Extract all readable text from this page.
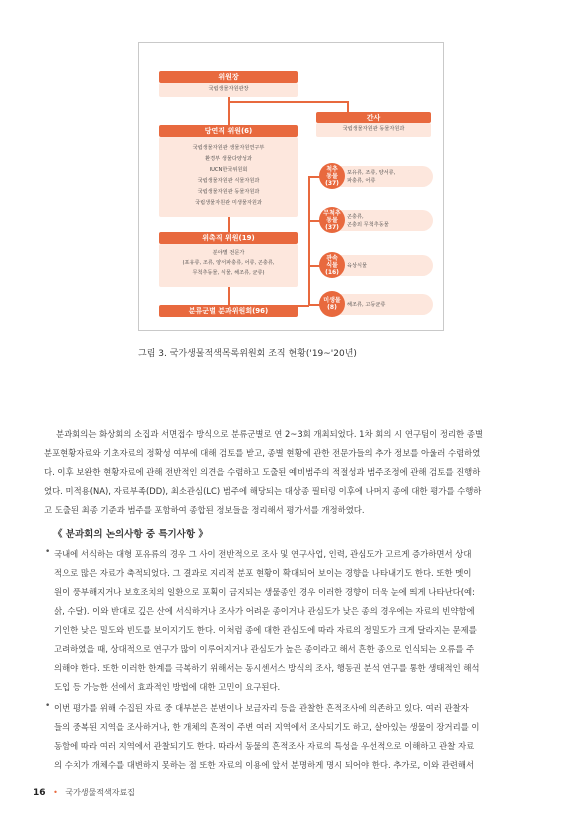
위원장
국립생물자원관장
간사
국립생물자원관 동물자원과
당연직 위원(6)
국립생물자원관 생물자원연구부
환경부 생물다양성과
IUCN한국위원회
국립생물자원관 식물자원과
국립생물자원관 동물자원과
국립생물자원관 미생물자원과
위촉직 위원(19)
분야별 전문가
(포유류, 조류, 양서파충류, 어류, 곤충류,
무척추동물, 식물, 해조류, 균류)
분류군별 분과위원회(96)
포유류, 조류, 양서류,
파충류, 어류
곤충류,
곤충외 무척추동물
육상식물
해조류, 고등균류
척추
동물
(37)
무척추
동물
(37)
관속
식물
(16)
미생물
(8)
그림 3. 국가생물적색목록위원회 조직 현황('19~'20년)
분과회의는 화상회의 소집과 서면접수 방식으로 분류군별로 연 2~3회 개최되었다. 1차 회의 시 연구팀이 정리한 종별
분포현황자료와 기초자료의 정확성 여부에 대해 검토를 받고, 종별 현황에 관한 전문가들의 추가 정보를 아울러 수렴하였
다. 이후 보완한 현황자료에 관해 전반적인 의견을 수렴하고 도출된 예비범주의 적절성과 범주조정에 관해 검토를 진행하
였다. 미적용(NA), 자료부족(DD), 최소관심(LC) 범주에 해당되는 대상종 필터링 이후에 나머지 종에 대한 평가를 수행하
고 도출된 최종 기준과 범주를 포함하여 종합된 정보들을 정리해서 평가서를 개정하였다.
《 분과회의 논의사항 중 특기사항 》
• 국내에 서식하는 대형 포유류의 경우 그 사이 전반적으로 조사 및 연구사업, 인력, 관심도가 고르게 증가하면서 상대
적으로 많은 자료가 축적되었다. 그 결과로 지리적 분포 현황이 확대되어 보이는 경향을 나타내기도 한다. 또한 멧이
원이 풍부해지거나 보호조치의 일환으로 포획이 금지되는 생물종인 경우 이러한 경향이 더욱 눈에 띄게 나타난다(예:
삵, 수달). 이와 반대로 깊은 산에 서식하거나 조사가 어려운 종이거나 관심도가 낮은 종의 경우에는 자료의 빈약함에
기인한 낮은 밀도와 빈도를 보이지기도 한다. 이처럼 종에 대한 관심도에 따라 자료의 정밀도가 크게 달라지는 문제를
고려하였을 때, 상대적으로 연구가 많이 이루어지거나 관심도가 높은 종이라고 해서 흔한 종으로 인식되는 오류를 주
의해야 한다. 또한 이러한 한계를 극복하기 위해서는 동시센서스 방식의 조사, 행동권 분석 연구를 통한 생태적인 해석
도입 등 가능한 선에서 효과적인 방법에 대한 고민이 요구된다.
• 이번 평가를 위해 수집된 자료 중 대부분은 분변이나 보금자리 등을 관찰한 흔적조사에 의존하고 있다. 여러 관찰자
들의 중복된 지역을 조사하거나, 한 개체의 흔적이 주변 여러 지역에서 조사되기도 하고, 살아있는 생물이 장거리를 이
동함에 따라 여러 지역에서 관찰되기도 한다. 따라서 동물의 흔적조사 자료의 특성을 우선적으로 이해하고 관찰 자료
의 수치가 개체수를 대변하지 못하는 점 또한 자료의 이용에 앞서 분명하게 명시 되어야 한다. 추가로, 이와 관련해서
16 • 국가생물적색자료집
